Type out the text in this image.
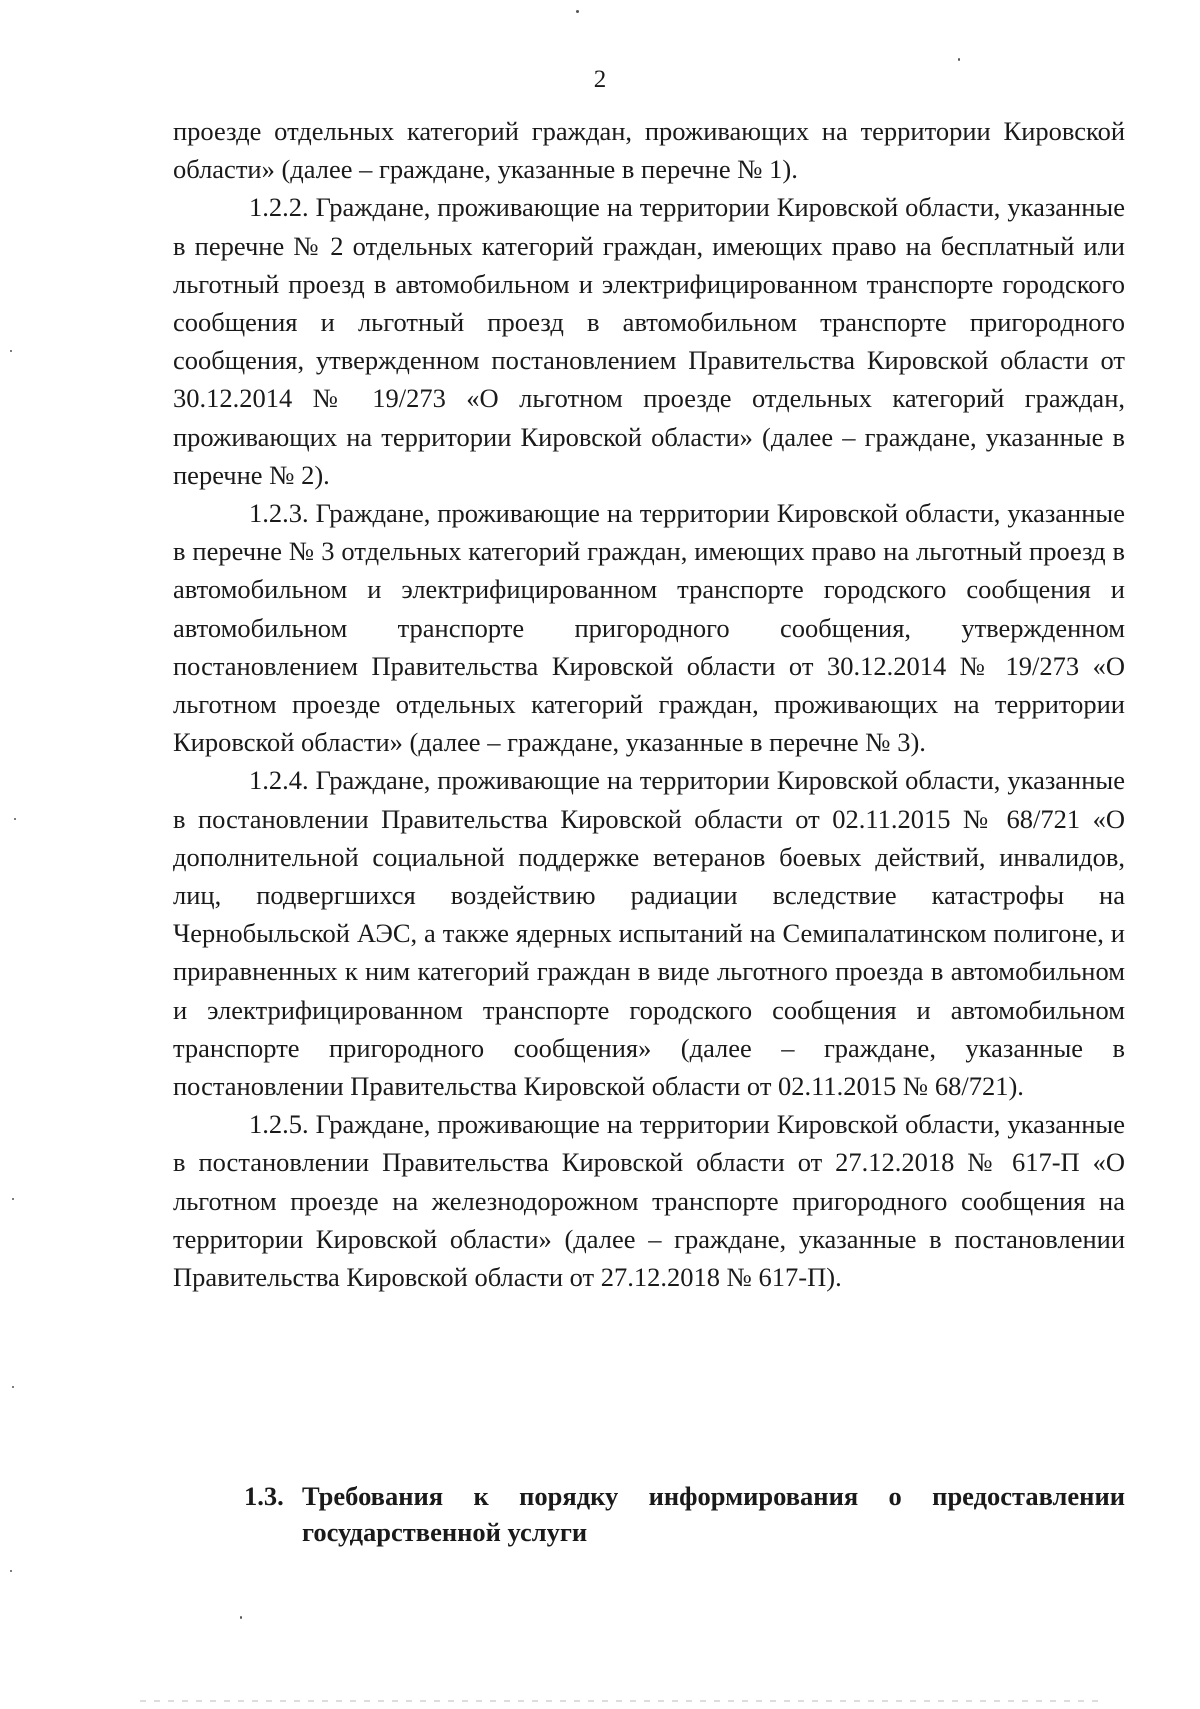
2

проезде отдельных категорий граждан, проживающих на территории Кировской области» (далее – граждане, указанные в перечне № 1).

1.2.2. Граждане, проживающие на территории Кировской области, указанные в перечне № 2 отдельных категорий граждан, имеющих право на бесплатный или льготный проезд в автомобильном и электрифицированном транспорте городского сообщения и льготный проезд в автомобильном транспорте пригородного сообщения, утвержденном постановлением Правительства Кировской области от 30.12.2014 № 19/273 «О льготном проезде отдельных категорий граждан, проживающих на территории Кировской области» (далее – граждане, указанные в перечне № 2).

1.2.3. Граждане, проживающие на территории Кировской области, указанные в перечне № 3 отдельных категорий граждан, имеющих право на льготный проезд в автомобильном и электрифицированном транспорте городского сообщения и автомобильном транспорте пригородного сообщения, утвержденном постановлением Правительства Кировской области от 30.12.2014 № 19/273 «О льготном проезде отдельных категорий граждан, проживающих на территории Кировской области» (далее – граждане, указанные в перечне № 3).

1.2.4. Граждане, проживающие на территории Кировской области, указанные в постановлении Правительства Кировской области от 02.11.2015 № 68/721 «О дополнительной социальной поддержке ветеранов боевых действий, инвалидов, лиц, подвергшихся воздействию радиации вследствие катастрофы на Чернобыльской АЭС, а также ядерных испытаний на Семипалатинском полигоне, и приравненных к ним категорий граждан в виде льготного проезда в автомобильном и электрифицированном транспорте городского сообщения и автомобильном транспорте пригородного сообщения» (далее – граждане, указанные в постановлении Правительства Кировской области от 02.11.2015 № 68/721).

1.2.5. Граждане, проживающие на территории Кировской области, указанные в постановлении Правительства Кировской области от 27.12.2018 № 617-П «О льготном проезде на железнодорожном транспорте пригородного сообщения на территории Кировской области» (далее – граждане, указанные в постановлении Правительства Кировской области от 27.12.2018 № 617-П).

1.3. Требования к порядку информирования о предоставлении государственной услуги
